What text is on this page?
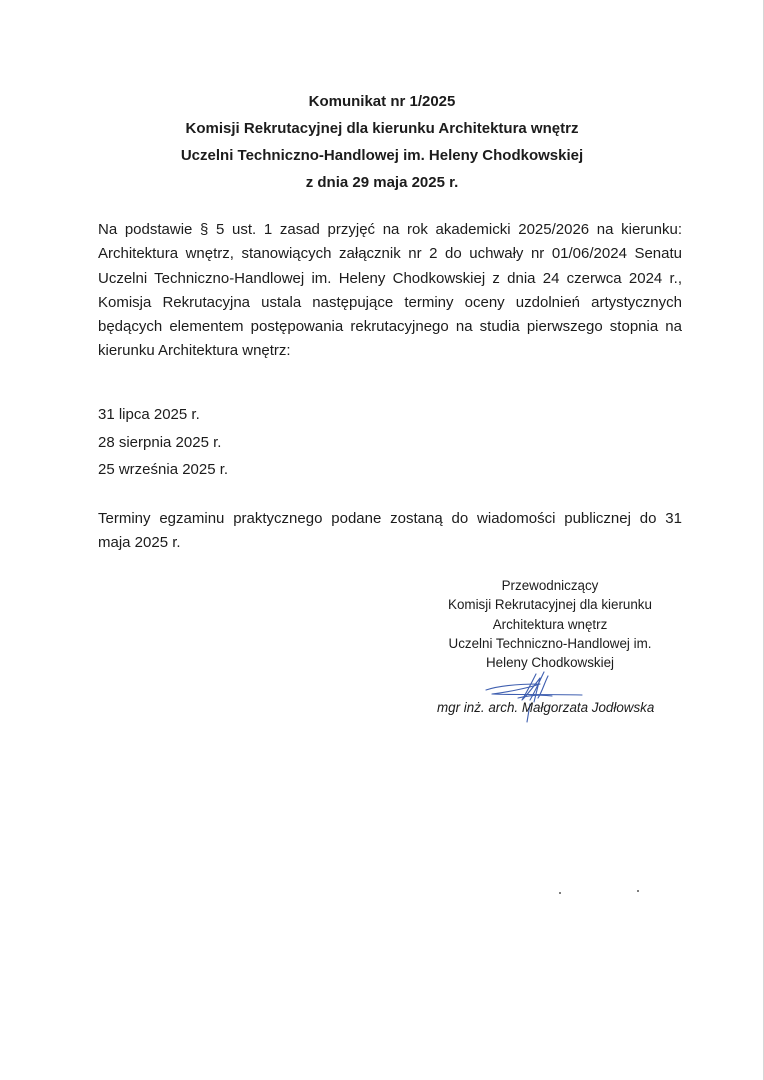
Komunikat nr 1/2025
Komisji Rekrutacyjnej dla kierunku Architektura wnętrz
Uczelni Techniczno-Handlowej im. Heleny Chodkowskiej
z dnia 29 maja 2025 r.
Na podstawie § 5 ust. 1 zasad przyjęć na rok akademicki 2025/2026 na kierunku:
Architektura wnętrz, stanowiących załącznik nr 2 do uchwały nr 01/06/2024 Senatu
Uczelni Techniczno-Handlowej im. Heleny Chodkowskiej z dnia 24 czerwca 2024 r.,
Komisja Rekrutacyjna ustala następujące terminy oceny uzdolnień artystycznych
będących elementem postępowania rekrutacyjnego na studia pierwszego stopnia na
kierunku Architektura wnętrz:
31 lipca 2025 r.
28 sierpnia 2025 r.
25 września 2025 r.
Terminy egzaminu praktycznego podane zostaną do wiadomości publicznej do 31
maja 2025 r.
Przewodniczący
Komisji Rekrutacyjnej dla kierunku
Architektura wnętrz
Uczelni Techniczno-Handlowej im.
Heleny Chodkowskiej
mgr inż. arch. Małgorzata Jodłowska
